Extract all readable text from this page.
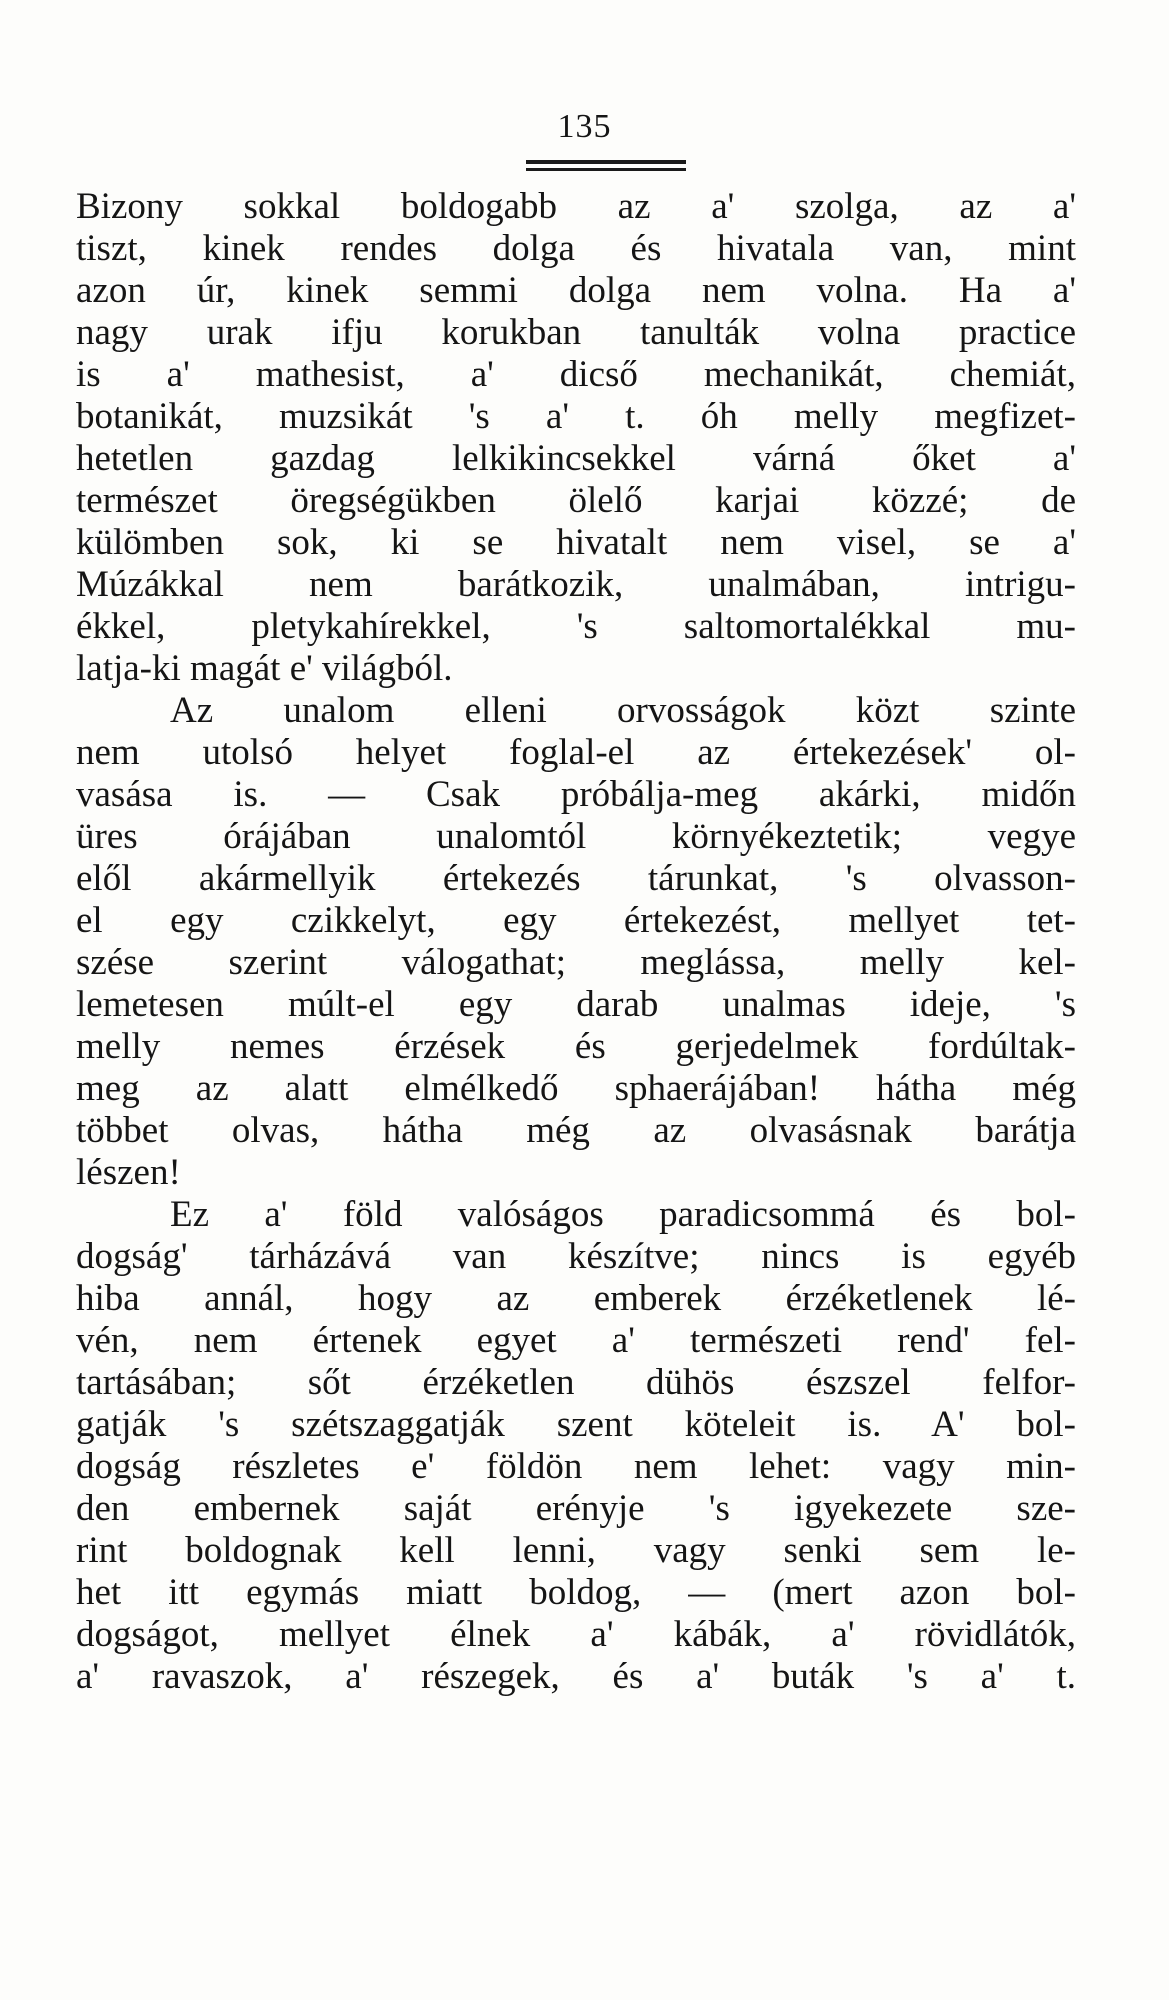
135
Bizony sokkal boldogabb az a' szolga, az a'
tiszt, kinek rendes dolga és hivatala van, mint
azon úr, kinek semmi dolga nem volna. Ha a'
nagy urak ifju korukban tanulták volna practice
is a' mathesist, a' dicső mechanikát, chemiát,
botanikát, muzsikát 's a' t. óh melly megfizet-
hetetlen gazdag lelkikincsekkel várná őket a'
természet öregségükben ölelő karjai közzé; de
külömben sok, ki se hivatalt nem visel, se a'
Múzákkal nem barátkozik, unalmában, intrigu-
ékkel, pletykahírekkel, 's saltomortalékkal mu-
latja-ki magát e' világból.
Az unalom elleni orvosságok közt szinte
nem utolsó helyet foglal-el az értekezések' ol-
vasása is. — Csak próbálja-meg akárki, midőn
üres órájában unalomtól környékeztetik; vegye
elől akármellyik értekezés tárunkat, 's olvasson-
el egy czikkelyt, egy értekezést, mellyet tet-
szése szerint válogathat; meglássa, melly kel-
lemetesen múlt-el egy darab unalmas ideje, 's
melly nemes érzések és gerjedelmek fordúltak-
meg az alatt elmélkedő sphaerájában! hátha még
többet olvas, hátha még az olvasásnak barátja
lészen!
Ez a' föld valóságos paradicsommá és bol-
dogság' tárházává van készítve; nincs is egyéb
hiba annál, hogy az emberek érzéketlenek lé-
vén, nem értenek egyet a' természeti rend' fel-
tartásában; sőt érzéketlen dühös észszel felfor-
gatják 's szétszaggatják szent köteleit is. A' bol-
dogság részletes e' földön nem lehet: vagy min-
den embernek saját erényje 's igyekezete sze-
rint boldognak kell lenni, vagy senki sem le-
het itt egymás miatt boldog, — (mert azon bol-
dogságot, mellyet élnek a' kábák, a' rövidlátók,
a' ravaszok, a' részegek, és a' buták 's a' t.
